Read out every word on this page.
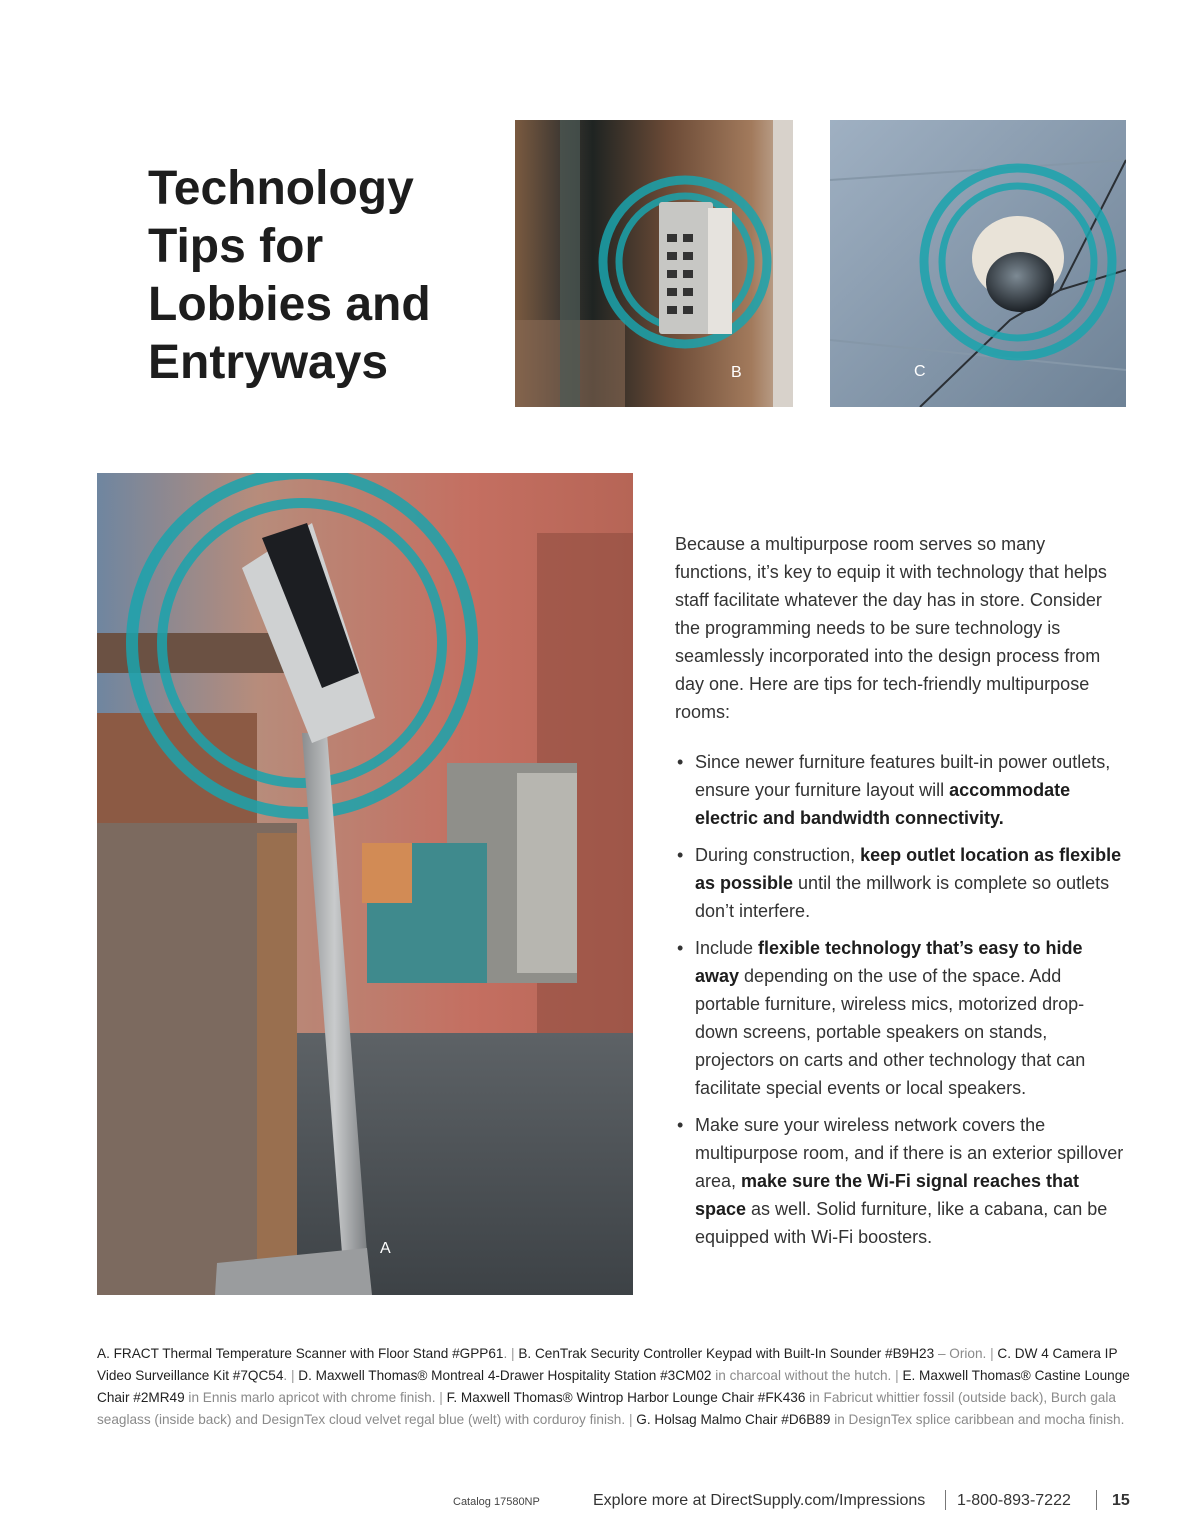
Technology
Tips for
Lobbies and
Entryways	B	C
A

Because a multipurpose room serves so many functions, it’s key to equip it with technology that helps staff facilitate whatever the day has in store. Consider the programming needs to be sure technology is seamlessly incorporated into the design process from day one. Here are tips for tech-friendly multipurpose rooms:

• Since newer furniture features built-in power outlets, ensure your furniture layout will accommodate electric and bandwidth connectivity.
• During construction, keep outlet location as flexible as possible until the millwork is complete so outlets don’t interfere.
• Include flexible technology that’s easy to hide away depending on the use of the space. Add portable furniture, wireless mics, motorized drop-down screens, portable speakers on stands, projectors on carts and other technology that can facilitate special events or local speakers.
• Make sure your wireless network covers the multipurpose room, and if there is an exterior spillover area, make sure the Wi-Fi signal reaches that space as well. Solid furniture, like a cabana, can be equipped with Wi-Fi boosters.
A. FRACT Thermal Temperature Scanner with Floor Stand #GPP61. | B. CenTrak Security Controller Keypad with Built-In Sounder #B9H23 – Orion. | C. DW 4 Camera IP Video Surveillance Kit #7QC54. | D. Maxwell Thomas® Montreal 4-Drawer Hospitality Station #3CM02 in charcoal without the hutch. | E. Maxwell Thomas® Castine Lounge Chair #2MR49 in Ennis marlo apricot with chrome finish. | F. Maxwell Thomas® Wintrop Harbor Lounge Chair #FK436 in Fabricut whittier fossil (outside back), Burch gala seaglass (inside back) and DesignTex cloud velvet regal blue (welt) with corduroy finish. | G. Holsag Malmo Chair #D6B89 in DesignTex splice caribbean and mocha finish.
Catalog 17580NP	Explore more at DirectSupply.com/Impressions 1-800-893-7222	15
